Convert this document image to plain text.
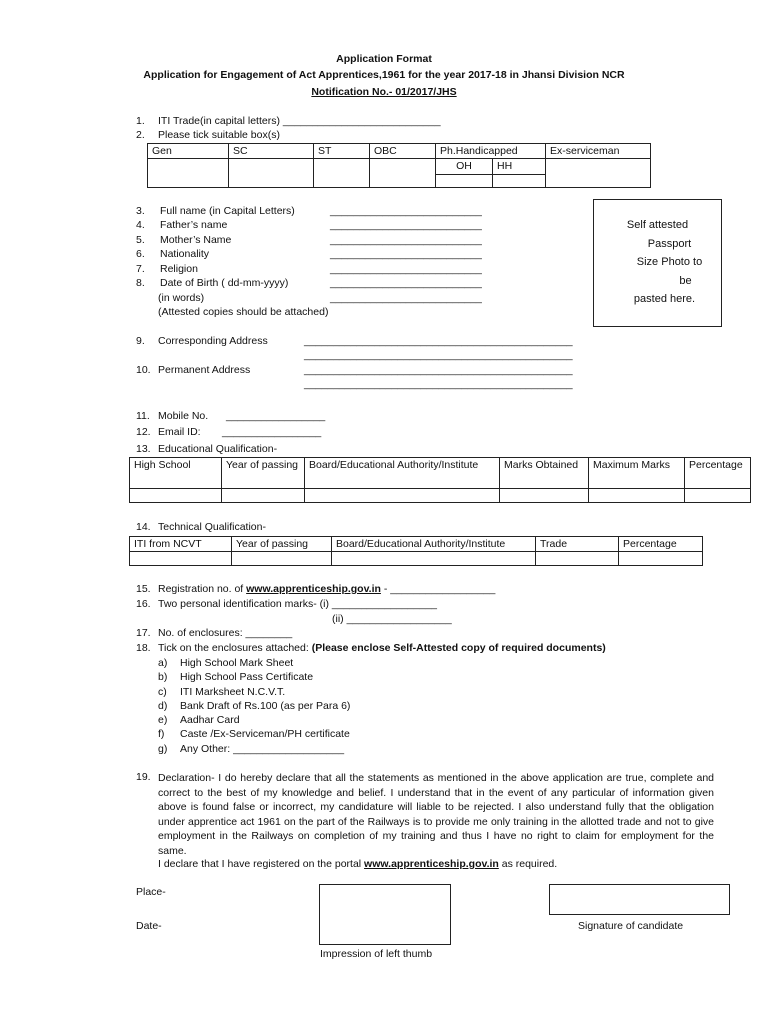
Application Format
Application for Engagement of Act Apprentices,1961 for the year 2017-18 in Jhansi Division NCR
Notification No.- 01/2017/JHS
1. ITI Trade(in capital letters) ___________________________
2. Please tick suitable box(s)
Gen	SC	ST	OBC	Ph.Handicapped		Ex-serviceman
				OH	HH	

3. Full name (in Capital Letters)	__________________________
4. Father’s name	__________________________
5. Mother’s Name	__________________________
6. Nationality	__________________________
7. Religion	__________________________
8. Date of Birth ( dd-mm-yyyy)	__________________________
(in words)	__________________________
(Attested copies should be attached)
Self attested
Passport
Size Photo to
be
pasted here.
9. Corresponding Address	______________________________________________
______________________________________________
10. Permanent Address	______________________________________________
______________________________________________
11. Mobile No. _________________
12. Email ID: _________________
13. Educational Qualification-
High School	Year of passing	Board/Educational Authority/Institute	Marks Obtained	Maximum Marks	Percentage

14. Technical Qualification-
ITI from NCVT	Year of passing	Board/Educational Authority/Institute	Trade	Percentage

15. Registration no. of www.apprenticeship.gov.in - __________________
16. Two personal identification marks- (i) __________________
(ii) __________________
17. No. of enclosures: ________
18. Tick on the enclosures attached: (Please enclose Self-Attested copy of required documents)
a) High School Mark Sheet
b) High School Pass Certificate
c) ITI Marksheet N.C.V.T.
d) Bank Draft of Rs.100 (as per Para 6)
e) Aadhar Card
f) Caste /Ex-Serviceman/PH certificate
g) Any Other: ___________________
19. Declaration- I do hereby declare that all the statements as mentioned in the above application are true, complete and correct to the best of my knowledge and belief. I understand that in the event of any particular of information given above is found false or incorrect, my candidature will liable to be rejected. I also understand fully that the obligation under apprentice act 1961 on the part of the Railways is to provide me only training in the allotted trade and not to give employment in the Railways on completion of my training and thus I have no right to claim for employment for the same.
I declare that I have registered on the portal www.apprenticeship.gov.in as required.
Place-
Date-
Impression of left thumb
Signature of candidate
